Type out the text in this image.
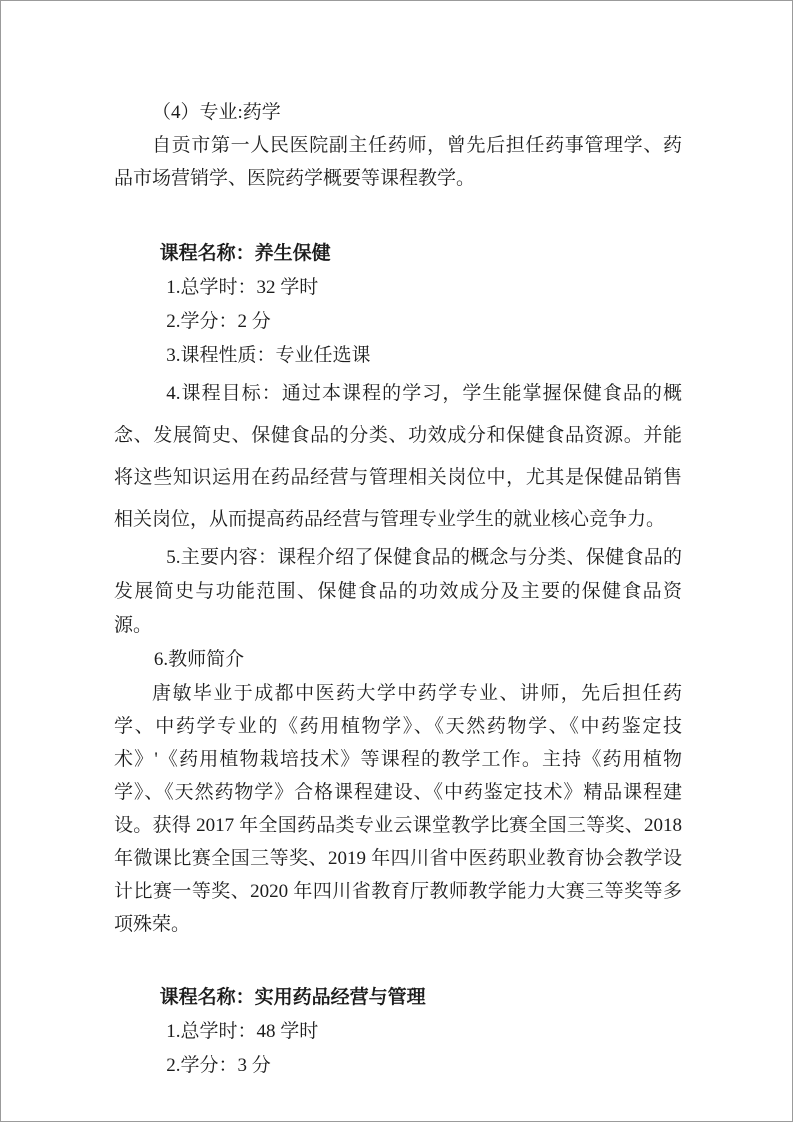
（4）专业:药学

自贡市第一人民医院副主任药师，曾先后担任药事管理学、药品市场营销学、医院药学概要等课程教学。

课程名称：养生保健

1.总学时：32 学时

2.学分：2 分

3.课程性质：专业任选课

4.课程目标：通过本课程的学习，学生能掌握保健食品的概念、发展简史、保健食品的分类、功效成分和保健食品资源。并能将这些知识运用在药品经营与管理相关岗位中，尤其是保健品销售相关岗位，从而提高药品经营与管理专业学生的就业核心竞争力。

5.主要内容：课程介绍了保健食品的概念与分类、保健食品的发展简史与功能范围、保健食品的功效成分及主要的保健食品资源。

6.教师简介

唐敏毕业于成都中医药大学中药学专业、讲师，先后担任药学、中药学专业的《药用植物学》、《天然药物学、《中药鉴定技术》'《药用植物栽培技术》等课程的教学工作。主持《药用植物学》、《天然药物学》合格课程建设、《中药鉴定技术》精品课程建设。获得 2017 年全国药品类专业云课堂教学比赛全国三等奖、2018 年微课比赛全国三等奖、2019 年四川省中医药职业教育协会教学设计比赛一等奖、2020 年四川省教育厅教师教学能力大赛三等奖等多项殊荣。

课程名称：实用药品经营与管理

1.总学时：48 学时

2.学分：3 分
